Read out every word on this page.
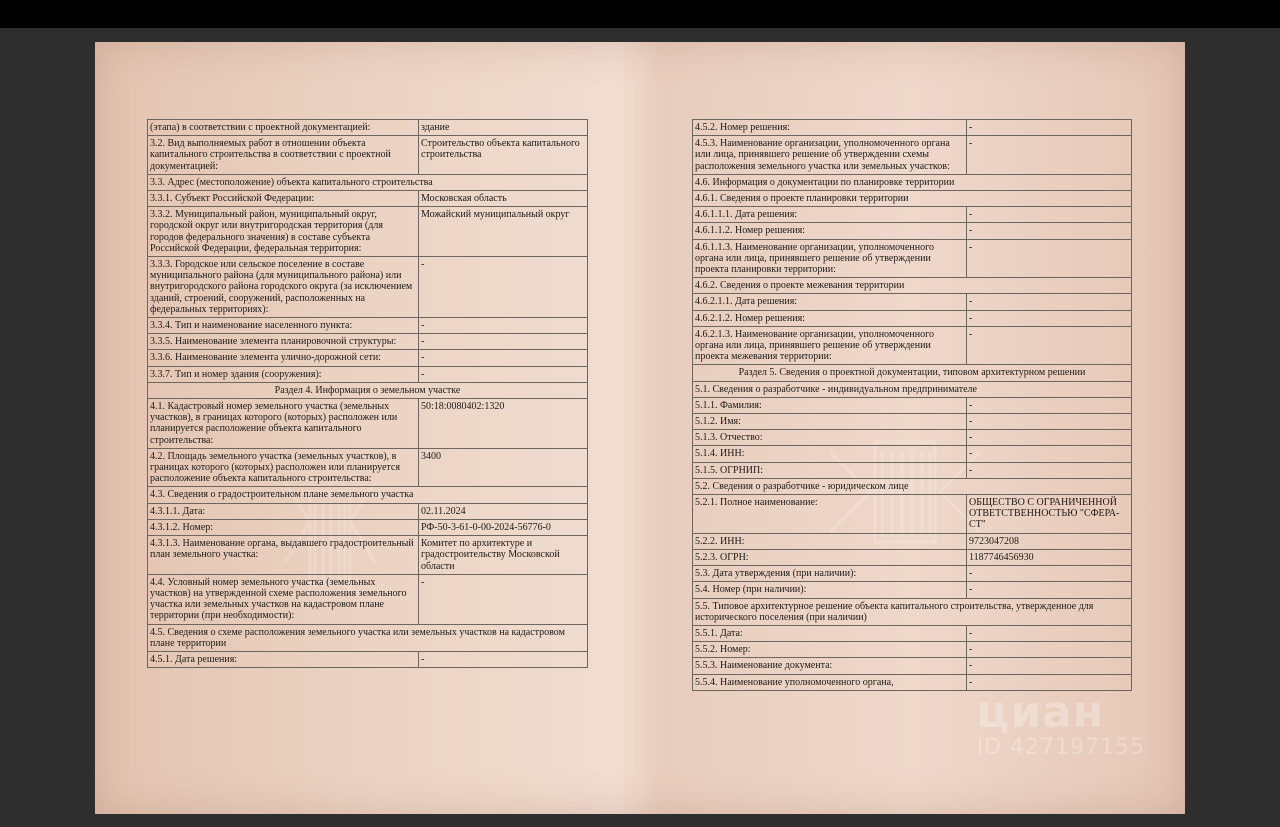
(этапа) в соответствии с проектной документацией:	здание
3.2. Вид выполняемых работ в отношении объекта капитального строительства в соответствии с проектной документацией:	Строительство объекта капитального строительства
3.3. Адрес (местоположение) объекта капитального строительства	
3.3.1. Субъект Российской Федерации:	Московская область
3.3.2. Муниципальный район, муниципальный округ, городской округ или внутригородская территория (для городов федерального значения) в составе субъекта Российской Федерации, федеральная территория:	Можайский муниципальный округ
3.3.3. Городское или сельское поселение в составе муниципального района (для муниципального района) или внутригородского района городского округа (за исключением зданий, строений, сооружений, расположенных на федеральных территориях):	-
3.3.4. Тип и наименование населенного пункта:	-
3.3.5. Наименование элемента планировочной структуры:	-
3.3.6. Наименование элемента улично-дорожной сети:	-
3.3.7. Тип и номер здания (сооружения):	-
Раздел 4. Информация о земельном участке	
4.1. Кадастровый номер земельного участка (земельных участков), в границах которого (которых) расположен или планируется расположение объекта капитального строительства:	50:18:0080402:1320
4.2. Площадь земельного участка (земельных участков), в границах которого (которых) расположен или планируется расположение объекта капитального строительства:	3400
4.3. Сведения о градостроительном плане земельного участка	
4.3.1.1. Дата:	02.11.2024
4.3.1.2. Номер:	РФ-50-3-61-0-00-2024-56776-0
4.3.1.3. Наименование органа, выдавшего градостроительный план земельного участка:	Комитет по архитектуре и градостроительству Московской области
4.4. Условный номер земельного участка (земельных участков) на утвержденной схеме расположения земельного участка или земельных участков на кадастровом плане территории (при необходимости):	-
4.5. Сведения о схеме расположения земельного участка или земельных участков на кадастровом плане территории	
4.5.1. Дата решения:	-
4.5.2. Номер решения:	-
4.5.3. Наименование организации, уполномоченного органа или лица, принявшего решение об утверждении схемы расположения земельного участка или земельных участков:	-
4.6. Информация о документации по планировке территории	
4.6.1. Сведения о проекте планировки территории	
4.6.1.1.1. Дата решения:	-
4.6.1.1.2. Номер решения:	-
4.6.1.1.3. Наименование организации, уполномоченного органа или лица, принявшего решение об утверждении проекта планировки территории:	-
4.6.2. Сведения о проекте межевания территории	
4.6.2.1.1. Дата решения:	-
4.6.2.1.2. Номер решения:	-
4.6.2.1.3. Наименование организации, уполномоченного органа или лица, принявшего решение об утверждении проекта межевания территории:	-
Раздел 5. Сведения о проектной документации, типовом архитектурном решении	
5.1. Сведения о разработчике - индивидуальном предпринимателе	
5.1.1. Фамилия:	-
5.1.2. Имя:	-
5.1.3. Отчество:	-
5.1.4. ИНН:	-
5.1.5. ОГРНИП:	-
5.2. Сведения о разработчике - юридическом лице	
5.2.1. Полное наименование:	ОБЩЕСТВО С ОГРАНИЧЕННОЙ ОТВЕТСТВЕННОСТЬЮ "СФЕРА-СТ"
5.2.2. ИНН:	9723047208
5.2.3. ОГРН:	1187746456930
5.3. Дата утверждения (при наличии):	-
5.4. Номер (при наличии):	-
5.5. Типовое архитектурное решение объекта капитального строительства, утвержденное для исторического поселения (при наличии)	
5.5.1. Дата:	-
5.5.2. Номер:	-
5.5.3. Наименование документа:	-
5.5.4. Наименование уполномоченного органа,	-
циан
ID 427197155
